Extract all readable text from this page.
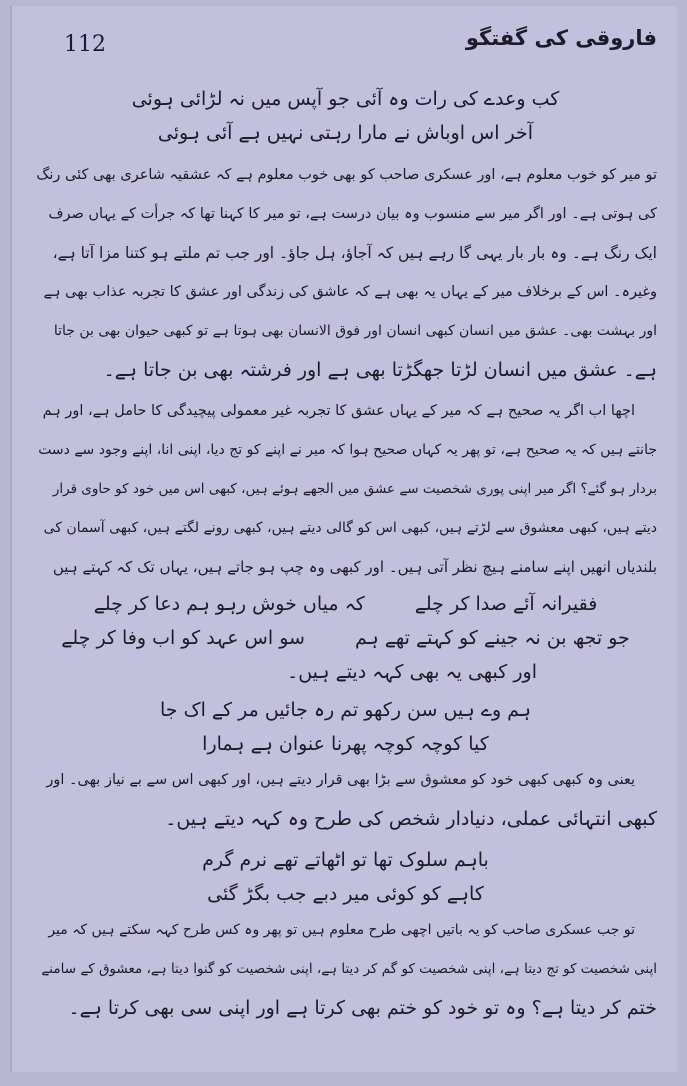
112	فاروقی کی گفتگو
کب وعدے کی رات وہ آئی جو آپس میں نہ لڑائی ہوئی
آخر اس اوباش نے مارا رہتی نہیں ہے آئی ہوئی
تو میر کو خوب معلوم ہے، اور عسکری صاحب کو بھی خوب معلوم ہے کہ عشقیہ شاعری بھی کئی رنگ
کی ہوتی ہے۔ اور اگر میر سے منسوب وہ بیان درست ہے، تو میر کا کہنا تھا کہ جرأت کے یہاں صرف
ایک رنگ ہے۔ وہ بار بار یہی گا رہے ہیں کہ آجاؤ، ہل جاؤ۔ اور جب تم ملتے ہو کتنا مزا آتا ہے،
وغیرہ۔ اس کے برخلاف میر کے یہاں یہ بھی ہے کہ عاشق کی زندگی اور عشق کا تجربہ عذاب بھی ہے
اور بہشت بھی۔ عشق میں انسان کبھی انسان اور فوق الانسان بھی ہوتا ہے تو کبھی حیوان بھی بن جاتا
ہے۔ عشق میں انسان لڑتا جھگڑتا بھی ہے اور فرشتہ بھی بن جاتا ہے۔
اچھا اب اگر یہ صحیح ہے کہ میر کے یہاں عشق کا تجربہ غیر معمولی پیچیدگی کا حامل ہے، اور ہم
جانتے ہیں کہ یہ صحیح ہے، تو پھر یہ کہاں صحیح ہوا کہ میر نے اپنے کو تج دیا، اپنی انا، اپنے وجود سے دست
بردار ہو گئے؟ اگر میر اپنی پوری شخصیت سے عشق میں الجھے ہوئے ہیں، کبھی اس میں خود کو حاوی قرار
دیتے ہیں، کبھی معشوق سے لڑتے ہیں، کبھی اس کو گالی دیتے ہیں، کبھی رونے لگتے ہیں، کبھی آسمان کی
بلندیاں انھیں اپنے سامنے ہیچ نظر آتی ہیں۔ اور کبھی وہ چپ ہو جاتے ہیں، یہاں تک کہ کہتے ہیں
فقیرانہ آئے صدا کر چلے
کہ میاں خوش رہو ہم دعا کر چلے
جو تجھ بن نہ جینے کو کہتے تھے ہم
سو اس عہد کو اب وفا کر چلے
اور کبھی یہ بھی کہہ دیتے ہیں۔
ہم وے ہیں سن رکھو تم رہ جائیں مر کے اک جا
کیا کوچہ کوچہ پھرنا عنوان ہے ہمارا
یعنی وہ کبھی کبھی خود کو معشوق سے بڑا بھی قرار دیتے ہیں، اور کبھی اس سے بے نیاز بھی۔ اور
کبھی انتہائی عملی، دنیادار شخص کی طرح وہ کہہ دیتے ہیں۔
باہم سلوک تھا تو اٹھاتے تھے نرم گرم
کاہے کو کوئی میر دبے جب بگڑ گئی
تو جب عسکری صاحب کو یہ باتیں اچھی طرح معلوم ہیں تو پھر وہ کس طرح کہہ سکتے ہیں کہ میر
اپنی شخصیت کو تج دیتا ہے، اپنی شخصیت کو گم کر دیتا ہے، اپنی شخصیت کو گنوا دیتا ہے، معشوق کے سامنے
ختم کر دیتا ہے؟ وہ تو خود کو ختم بھی کرتا ہے اور اپنی سی بھی کرتا ہے۔
